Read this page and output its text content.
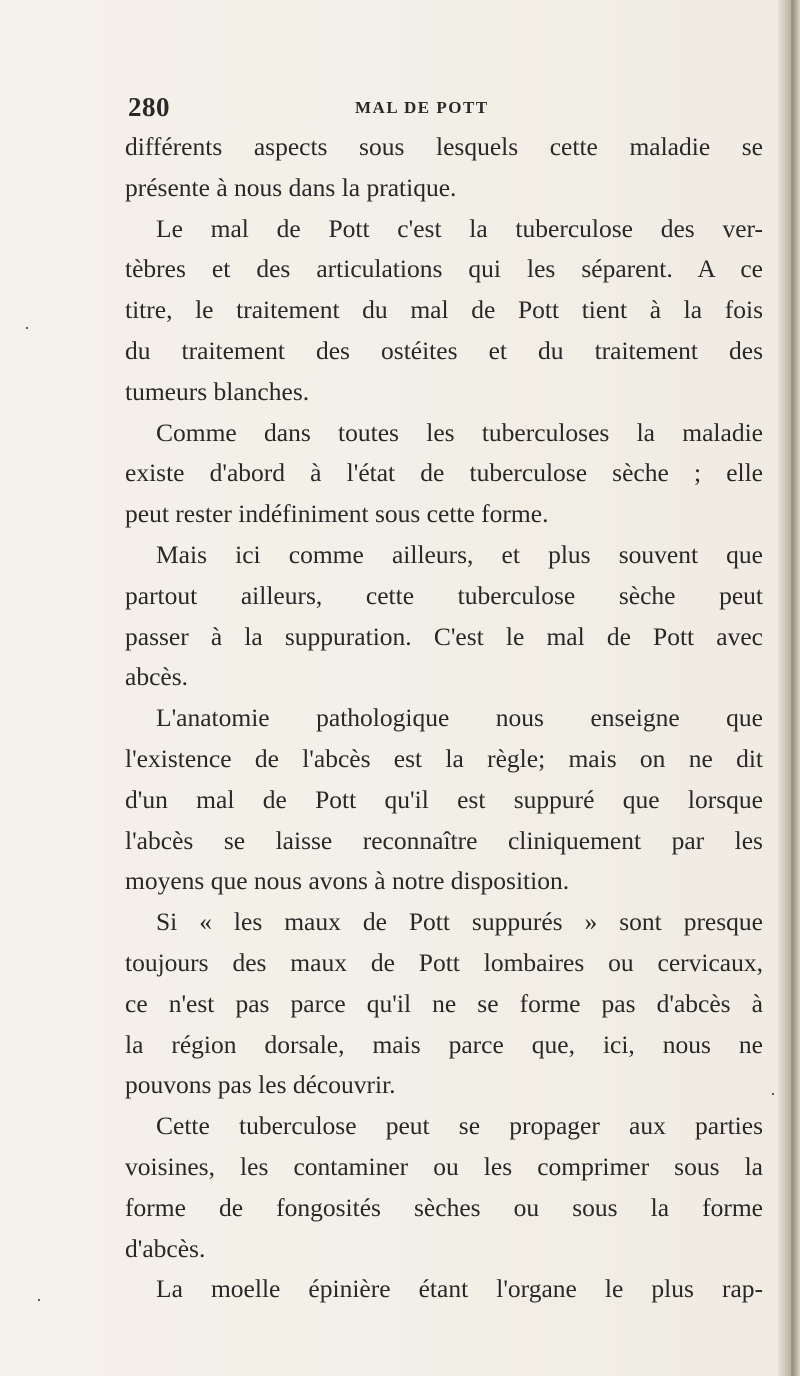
280	MAL DE POTT
différents aspects sous lesquels cette maladie se
présente à nous dans la pratique.
Le mal de Pott c'est la tuberculose des ver-
tèbres et des articulations qui les séparent. A ce
titre, le traitement du mal de Pott tient à la fois
du traitement des ostéites et du traitement des
tumeurs blanches.
Comme dans toutes les tuberculoses la maladie
existe d'abord à l'état de tuberculose sèche ; elle
peut rester indéfiniment sous cette forme.
Mais ici comme ailleurs, et plus souvent que
partout ailleurs, cette tuberculose sèche peut
passer à la suppuration. C'est le mal de Pott avec
abcès.
L'anatomie pathologique nous enseigne que
l'existence de l'abcès est la règle; mais on ne dit
d'un mal de Pott qu'il est suppuré que lorsque
l'abcès se laisse reconnaître cliniquement par les
moyens que nous avons à notre disposition.
Si « les maux de Pott suppurés » sont presque
toujours des maux de Pott lombaires ou cervicaux,
ce n'est pas parce qu'il ne se forme pas d'abcès à
la région dorsale, mais parce que, ici, nous ne
pouvons pas les découvrir.
Cette tuberculose peut se propager aux parties
voisines, les contaminer ou les comprimer sous la
forme de fongosités sèches ou sous la forme
d'abcès.
La moelle épinière étant l'organe le plus rap-
·
·
·
